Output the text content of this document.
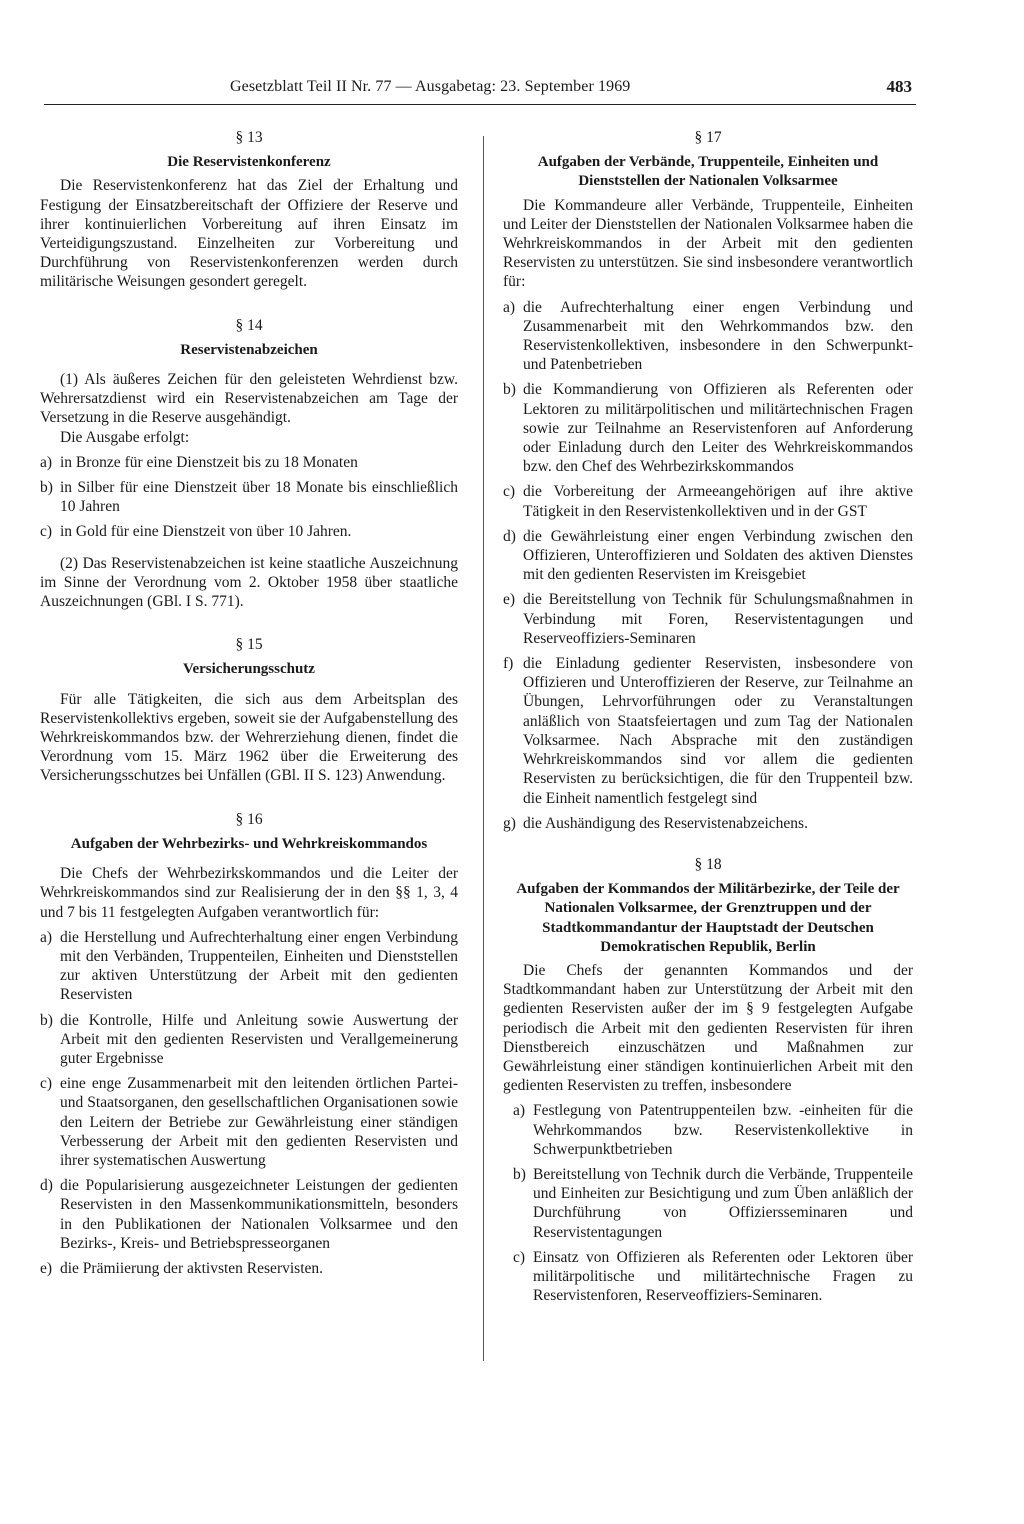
Gesetzblatt Teil II Nr. 77 — Ausgabetag: 23. September 1969	483
§ 13
Die Reservistenkonferenz

Die Reservistenkonferenz hat das Ziel der Erhaltung und Festigung der Einsatzbereitschaft der Offiziere der Reserve und ihrer kontinuierlichen Vorbereitung auf ihren Einsatz im Verteidigungszustand. Einzelheiten zur Vorbereitung und Durchführung von Reservistenkonferenzen werden durch militärische Weisungen gesondert geregelt.

§ 14
Reservistenabzeichen

(1) Als äußeres Zeichen für den geleisteten Wehrdienst bzw. Wehrersatzdienst wird ein Reservistenabzeichen am Tage der Versetzung in die Reserve ausgehändigt.

Die Ausgabe erfolgt:

a) in Bronze für eine Dienstzeit bis zu 18 Monaten
b) in Silber für eine Dienstzeit über 18 Monate bis einschließlich 10 Jahren
c) in Gold für eine Dienstzeit von über 10 Jahren.

(2) Das Reservistenabzeichen ist keine staatliche Auszeichnung im Sinne der Verordnung vom 2. Oktober 1958 über staatliche Auszeichnungen (GBl. I S. 771).

§ 15
Versicherungsschutz

Für alle Tätigkeiten, die sich aus dem Arbeitsplan des Reservistenkollektivs ergeben, soweit sie der Aufgabenstellung des Wehrkreiskommandos bzw. der Wehrerziehung dienen, findet die Verordnung vom 15. März 1962 über die Erweiterung des Versicherungsschutzes bei Unfällen (GBl. II S. 123) Anwendung.

§ 16
Aufgaben der Wehrbezirks- und Wehrkreiskommandos

Die Chefs der Wehrbezirkskommandos und die Leiter der Wehrkreiskommandos sind zur Realisierung der in den §§ 1, 3, 4 und 7 bis 11 festgelegten Aufgaben verantwortlich für:

a) die Herstellung und Aufrechterhaltung einer engen Verbindung mit den Verbänden, Truppenteilen, Einheiten und Dienststellen zur aktiven Unterstützung der Arbeit mit den gedienten Reservisten
b) die Kontrolle, Hilfe und Anleitung sowie Auswertung der Arbeit mit den gedienten Reservisten und Verallgemeinerung guter Ergebnisse
c) eine enge Zusammenarbeit mit den leitenden örtlichen Partei- und Staatsorganen, den gesellschaftlichen Organisationen sowie den Leitern der Betriebe zur Gewährleistung einer ständigen Verbesserung der Arbeit mit den gedienten Reservisten und ihrer systematischen Auswertung
d) die Popularisierung ausgezeichneter Leistungen der gedienten Reservisten in den Massenkommunikationsmitteln, besonders in den Publikationen der Nationalen Volksarmee und den Bezirks-, Kreis- und Betriebspresseorganen
e) die Prämiierung der aktivsten Reservisten.
§ 17
Aufgaben der Verbände, Truppenteile, Einheiten und Dienststellen der Nationalen Volksarmee

Die Kommandeure aller Verbände, Truppenteile, Einheiten und Leiter der Dienststellen der Nationalen Volksarmee haben die Wehrkreiskommandos in der Arbeit mit den gedienten Reservisten zu unterstützen. Sie sind insbesondere verantwortlich für:

a) die Aufrechterhaltung einer engen Verbindung und Zusammenarbeit mit den Wehrkommandos bzw. den Reservistenkollektiven, insbesondere in den Schwerpunkt- und Patenbetrieben
b) die Kommandierung von Offizieren als Referenten oder Lektoren zu militärpolitischen und militärtechnischen Fragen sowie zur Teilnahme an Reservistenforen auf Anforderung oder Einladung durch den Leiter des Wehrkreiskommandos bzw. den Chef des Wehrbezirkskommandos
c) die Vorbereitung der Armeeangehörigen auf ihre aktive Tätigkeit in den Reservistenkollektiven und in der GST
d) die Gewährleistung einer engen Verbindung zwischen den Offizieren, Unteroffizieren und Soldaten des aktiven Dienstes mit den gedienten Reservisten im Kreisgebiet
e) die Bereitstellung von Technik für Schulungsmaßnahmen in Verbindung mit Foren, Reservistentagungen und Reserveoffiziers-Seminaren
f) die Einladung gedienter Reservisten, insbesondere von Offizieren und Unteroffizieren der Reserve, zur Teilnahme an Übungen, Lehrvorführungen oder zu Veranstaltungen anläßlich von Staatsfeiertagen und zum Tag der Nationalen Volksarmee. Nach Absprache mit den zuständigen Wehrkreiskommandos sind vor allem die gedienten Reservisten zu berücksichtigen, die für den Truppenteil bzw. die Einheit namentlich festgelegt sind
g) die Aushändigung des Reservistenabzeichens.
§ 18
Aufgaben der Kommandos der Militärbezirke, der Teile der Nationalen Volksarmee, der Grenztruppen und der Stadtkommandantur der Hauptstadt der Deutschen Demokratischen Republik, Berlin

Die Chefs der genannten Kommandos und der Stadtkommandant haben zur Unterstützung der Arbeit mit den gedienten Reservisten außer der im § 9 festgelegten Aufgabe periodisch die Arbeit mit den gedienten Reservisten für ihren Dienstbereich einzuschätzen und Maßnahmen zur Gewährleistung einer ständigen kontinuierlichen Arbeit mit den gedienten Reservisten zu treffen, insbesondere

a) Festlegung von Patentruppenteilen bzw. -einheiten für die Wehrkommandos bzw. Reservistenkollektive in Schwerpunktbetrieben
b) Bereitstellung von Technik durch die Verbände, Truppenteile und Einheiten zur Besichtigung und zum Üben anläßlich der Durchführung von Offiziersseminaren und Reservistentagungen
c) Einsatz von Offizieren als Referenten oder Lektoren über militärpolitische und militärtechnische Fragen zu Reservistenforen, Reserveoffiziers-Seminaren.
